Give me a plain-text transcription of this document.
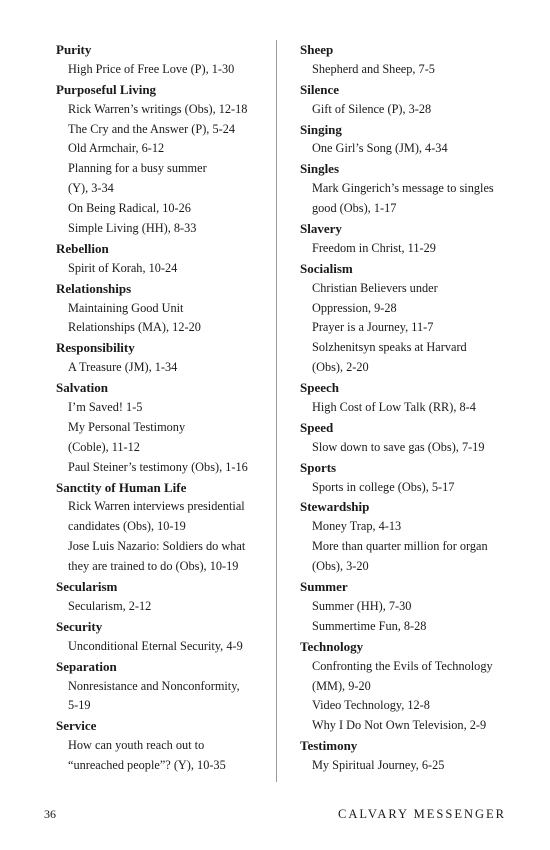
Purity
High Price of Free Love (P), 1-30
Purposeful Living
Rick Warren’s writings (Obs), 12-18
The Cry and the Answer (P), 5-24
Old Armchair, 6-12
Planning for a busy summer
(Y), 3-34
On Being Radical, 10-26
Simple Living (HH), 8-33
Rebellion
Spirit of Korah, 10-24
Relationships
Maintaining Good Unit
Relationships (MA), 12-20
Responsibility
A Treasure (JM), 1-34
Salvation
I’m Saved! 1-5
My Personal Testimony
(Coble), 11-12
Paul Steiner’s testimony (Obs), 1-16
Sanctity of Human Life
Rick Warren interviews presidential
candidates (Obs), 10-19
Jose Luis Nazario: Soldiers do what
they are trained to do (Obs), 10-19
Secularism
Secularism, 2-12
Security
Unconditional Eternal Security, 4-9
Separation
Nonresistance and Nonconformity,
5-19
Service
How can youth reach out to
“unreached people”? (Y), 10-35
Sheep
Shepherd and Sheep, 7-5
Silence
Gift of Silence (P), 3-28
Singing
One Girl’s Song (JM), 4-34
Singles
Mark Gingerich’s message to singles
good (Obs), 1-17
Slavery
Freedom in Christ, 11-29
Socialism
Christian Believers under
Oppression, 9-28
Prayer is a Journey, 11-7
Solzhenitsyn speaks at Harvard
(Obs), 2-20
Speech
High Cost of Low Talk (RR), 8-4
Speed
Slow down to save gas (Obs), 7-19
Sports
Sports in college (Obs), 5-17
Stewardship
Money Trap, 4-13
More than quarter million for organ
(Obs), 3-20
Summer
Summer (HH), 7-30
Summertime Fun, 8-28
Technology
Confronting the Evils of Technology
(MM), 9-20
Video Technology, 12-8
Why I Do Not Own Television, 2-9
Testimony
My Spiritual Journey, 6-25
36	CALVARY MESSENGER
